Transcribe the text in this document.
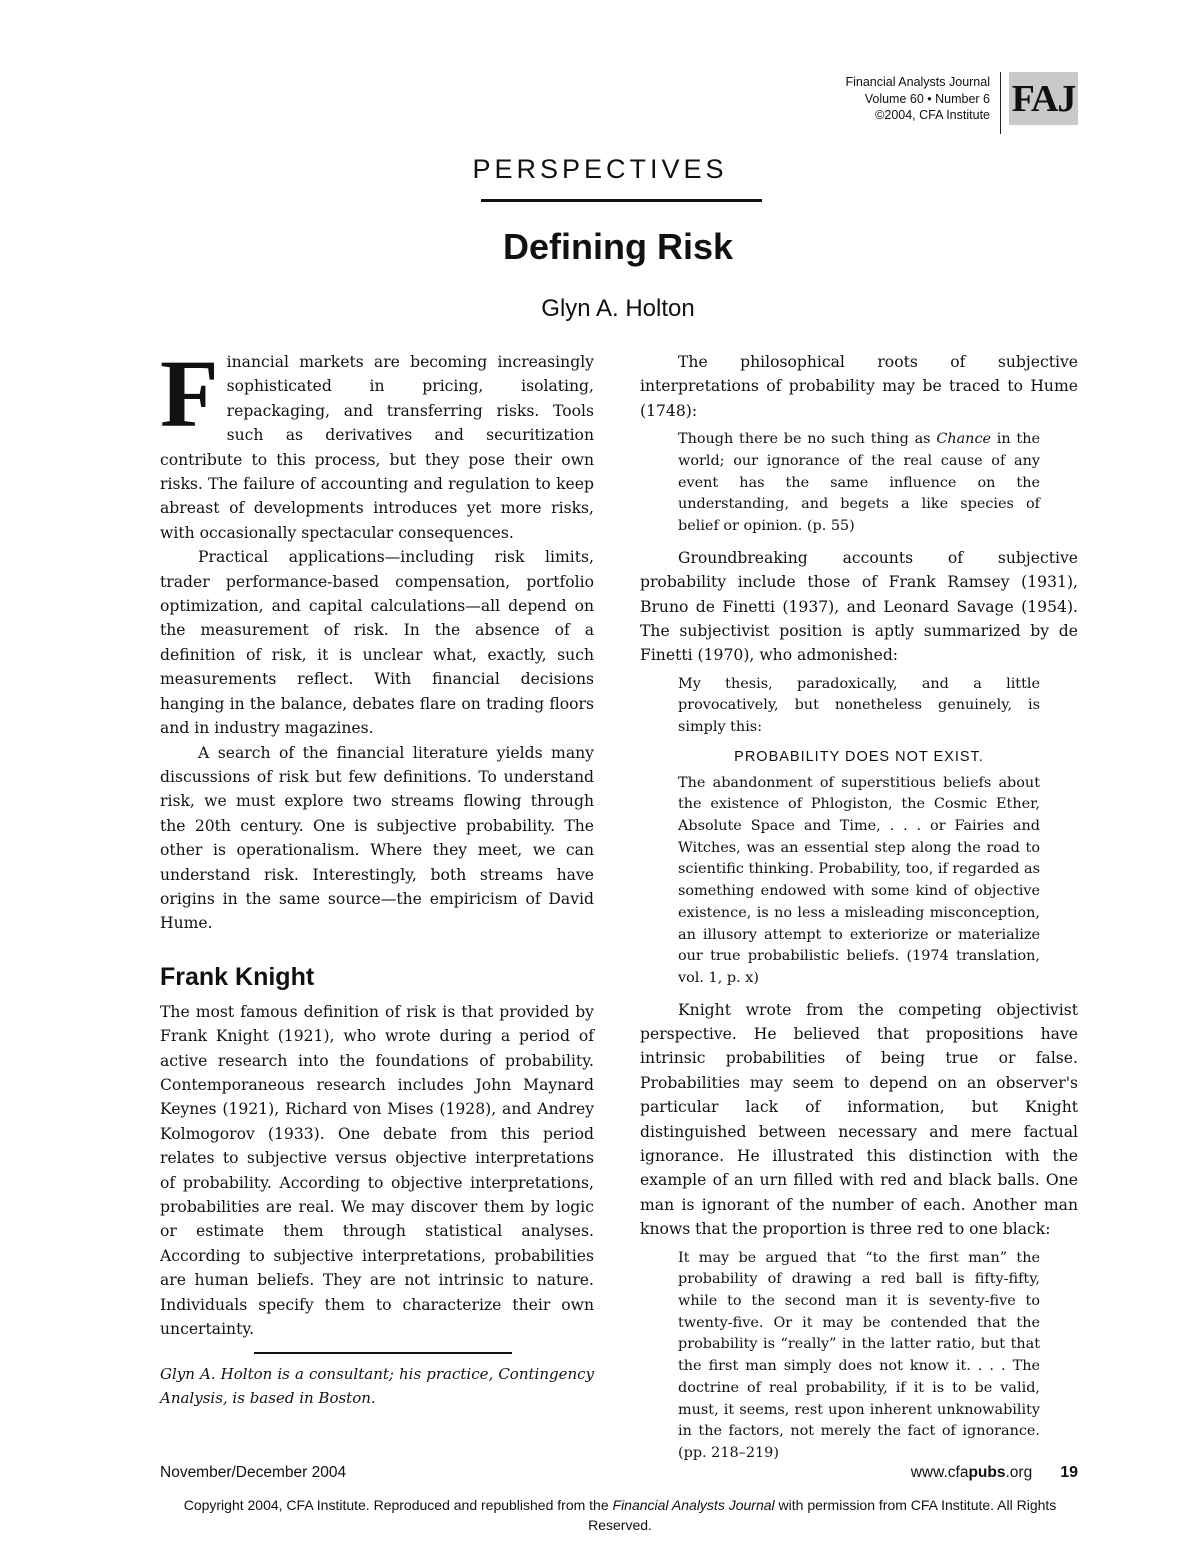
Financial Analysts Journal
Volume 60 • Number 6
©2004, CFA Institute FAJ
PERSPECTIVES
Defining Risk
Glyn A. Holton

Financial markets are becoming increasingly sophisticated in pricing, isolating, repackaging, and transferring risks. Tools such as derivatives and securitization contribute to this process, but they pose their own risks. The failure of accounting and regulation to keep abreast of developments introduces yet more risks, with occasionally spectacular consequences.

Practical applications—including risk limits, trader performance-based compensation, portfolio optimization, and capital calculations—all depend on the measurement of risk. In the absence of a definition of risk, it is unclear what, exactly, such measurements reflect. With financial decisions hanging in the balance, debates flare on trading floors and in industry magazines.

A search of the financial literature yields many discussions of risk but few definitions. To understand risk, we must explore two streams flowing through the 20th century. One is subjective probability. The other is operationalism. Where they meet, we can understand risk. Interestingly, both streams have origins in the same source—the empiricism of David Hume.

Frank Knight

The most famous definition of risk is that provided by Frank Knight (1921), who wrote during a period of active research into the foundations of probability. Contemporaneous research includes John Maynard Keynes (1921), Richard von Mises (1928), and Andrey Kolmogorov (1933). One debate from this period relates to subjective versus objective interpretations of probability. According to objective interpretations, probabilities are real. We may discover them by logic or estimate them through statistical analyses. According to subjective interpretations, probabilities are human beliefs. They are not intrinsic to nature. Individuals specify them to characterize their own uncertainty.

Glyn A. Holton is a consultant; his practice, Contingency Analysis, is based in Boston.

The philosophical roots of subjective interpretations of probability may be traced to Hume (1748):

Though there be no such thing as Chance in the world; our ignorance of the real cause of any event has the same influence on the understanding, and begets a like species of belief or opinion. (p. 55)

Groundbreaking accounts of subjective probability include those of Frank Ramsey (1931), Bruno de Finetti (1937), and Leonard Savage (1954). The subjectivist position is aptly summarized by de Finetti (1970), who admonished:

My thesis, paradoxically, and a little provocatively, but nonetheless genuinely, is simply this:
PROBABILITY DOES NOT EXIST.
The abandonment of superstitious beliefs about the existence of Phlogiston, the Cosmic Ether, Absolute Space and Time, . . . or Fairies and Witches, was an essential step along the road to scientific thinking. Probability, too, if regarded as something endowed with some kind of objective existence, is no less a misleading misconception, an illusory attempt to exteriorize or materialize our true probabilistic beliefs. (1974 translation, vol. 1, p. x)

Knight wrote from the competing objectivist perspective. He believed that propositions have intrinsic probabilities of being true or false. Probabilities may seem to depend on an observer's particular lack of information, but Knight distinguished between necessary and mere factual ignorance. He illustrated this distinction with the example of an urn filled with red and black balls. One man is ignorant of the number of each. Another man knows that the proportion is three red to one black:

It may be argued that “to the first man” the probability of drawing a red ball is fifty-fifty, while to the second man it is seventy-five to twenty-five. Or it may be contended that the probability is “really” in the latter ratio, but that the first man simply does not know it. . . . The doctrine of real probability, if it is to be valid, must, it seems, rest upon inherent unknowability in the factors, not merely the fact of ignorance. (pp. 218–219)
November/December 2004	www.cfapubs.org 19
Copyright 2004, CFA Institute. Reproduced and republished from the Financial Analysts Journal with permission from CFA Institute. All Rights Reserved.
